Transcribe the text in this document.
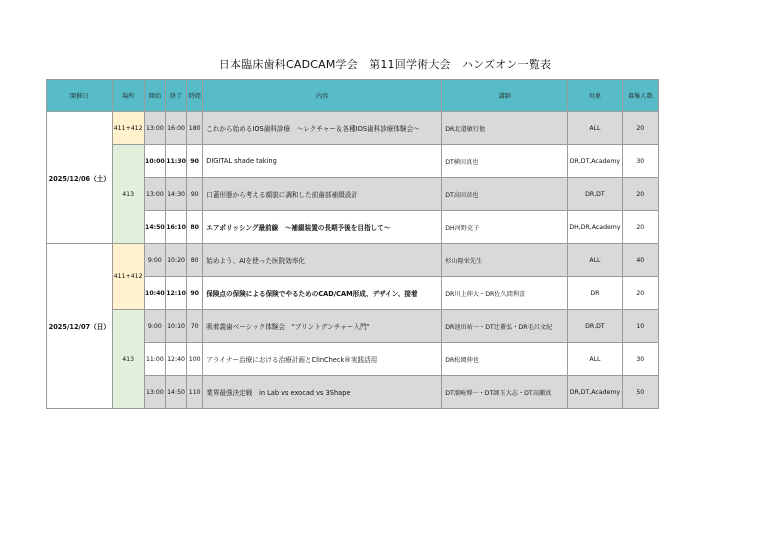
日本臨床歯科CADCAM学会　第11回学術大会　ハンズオン一覧表
開催日	場所	開始	終了	時間	内容	講師	対象	募集人数
2025/12/06（土）	411+412	13:00	16:00	180	これから始めるIOS歯科診療　～レクチャー＆各種IOS歯科診療体験会～	DR北道敏行他	ALL	20
	413	10:00	11:30	90	DIGITAL shade taking	DT横田真也	DR,DT,Academy	30
		13:00	14:30	90	口蓋形態から考える顔貌に調和した前歯部補綴設計	DT高田彦也	DR,DT	20
		14:50	16:10	80	エアポリッシング最前線　～補綴装置の長期予後を目指して～	DH河野克子	DH,DR,Academy	20
2025/12/07（日）	411+412	9:00	10:20	80	始めよう、AIを使った医院効率化	杉山隆栄先生	ALL	40
		10:40	12:10	90	保険点の保険による保険でやるためのCAD/CAM形成、デザイン、接着	DR川上伸大・DR佐久間利喜	DR	20
	413	9:00	10:10	70	吸着義歯ベーシック体験会　"プリントデンチャー入門"	DR池田祐一・DT辻蓋弘・DR毛呂文紀	DR,DT	10
		11:00	12:40	100	アライナー治療における治療計画とClinCheck®実践活用	DR松岡伸也	ALL	30
		13:00	14:50	110	業界最強決定戦　in Lab vs exocad vs 3Shape	DT溜崎博一・DT師玉大志・DT高瀬真	DR,DT,Academy	50
